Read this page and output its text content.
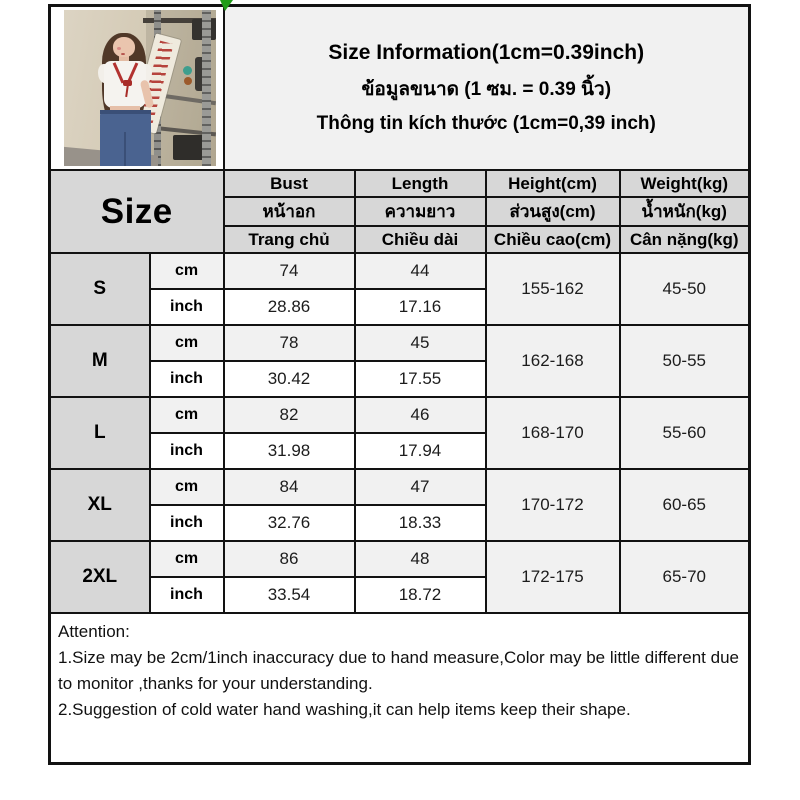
		Size Information(1cm=0.39inch)
ข้อมูลขนาด (1 ซม. = 0.39 นิ้ว)
Thông tin kích thước (1cm=0,39 inch)			

Size		Bust	Length	Height(cm)	Weight(kg)
		หน้าอก	ความยาว	ส่วนสูง(cm)	น้ำหนัก(kg)
		Trang chủ	Chiều dài	Chiều cao(cm)	Cân nặng(kg)
S	cm	74	44	155-162	45-50
	inch	28.86	17.16		
M	cm	78	45	162-168	50-55
	inch	30.42	17.55		
L	cm	82	46	168-170	55-60
	inch	31.98	17.94		
XL	cm	84	47	170-172	60-65
	inch	32.76	18.33		
2XL	cm	86	48	172-175	65-70
	inch	33.54	18.72		

Attention:
1.Size may be 2cm/1inch inaccuracy due to hand measure,Color may be little different due to monitor ,thanks for your understanding.
2.Suggestion of cold water hand washing,it can help items keep their shape.					
